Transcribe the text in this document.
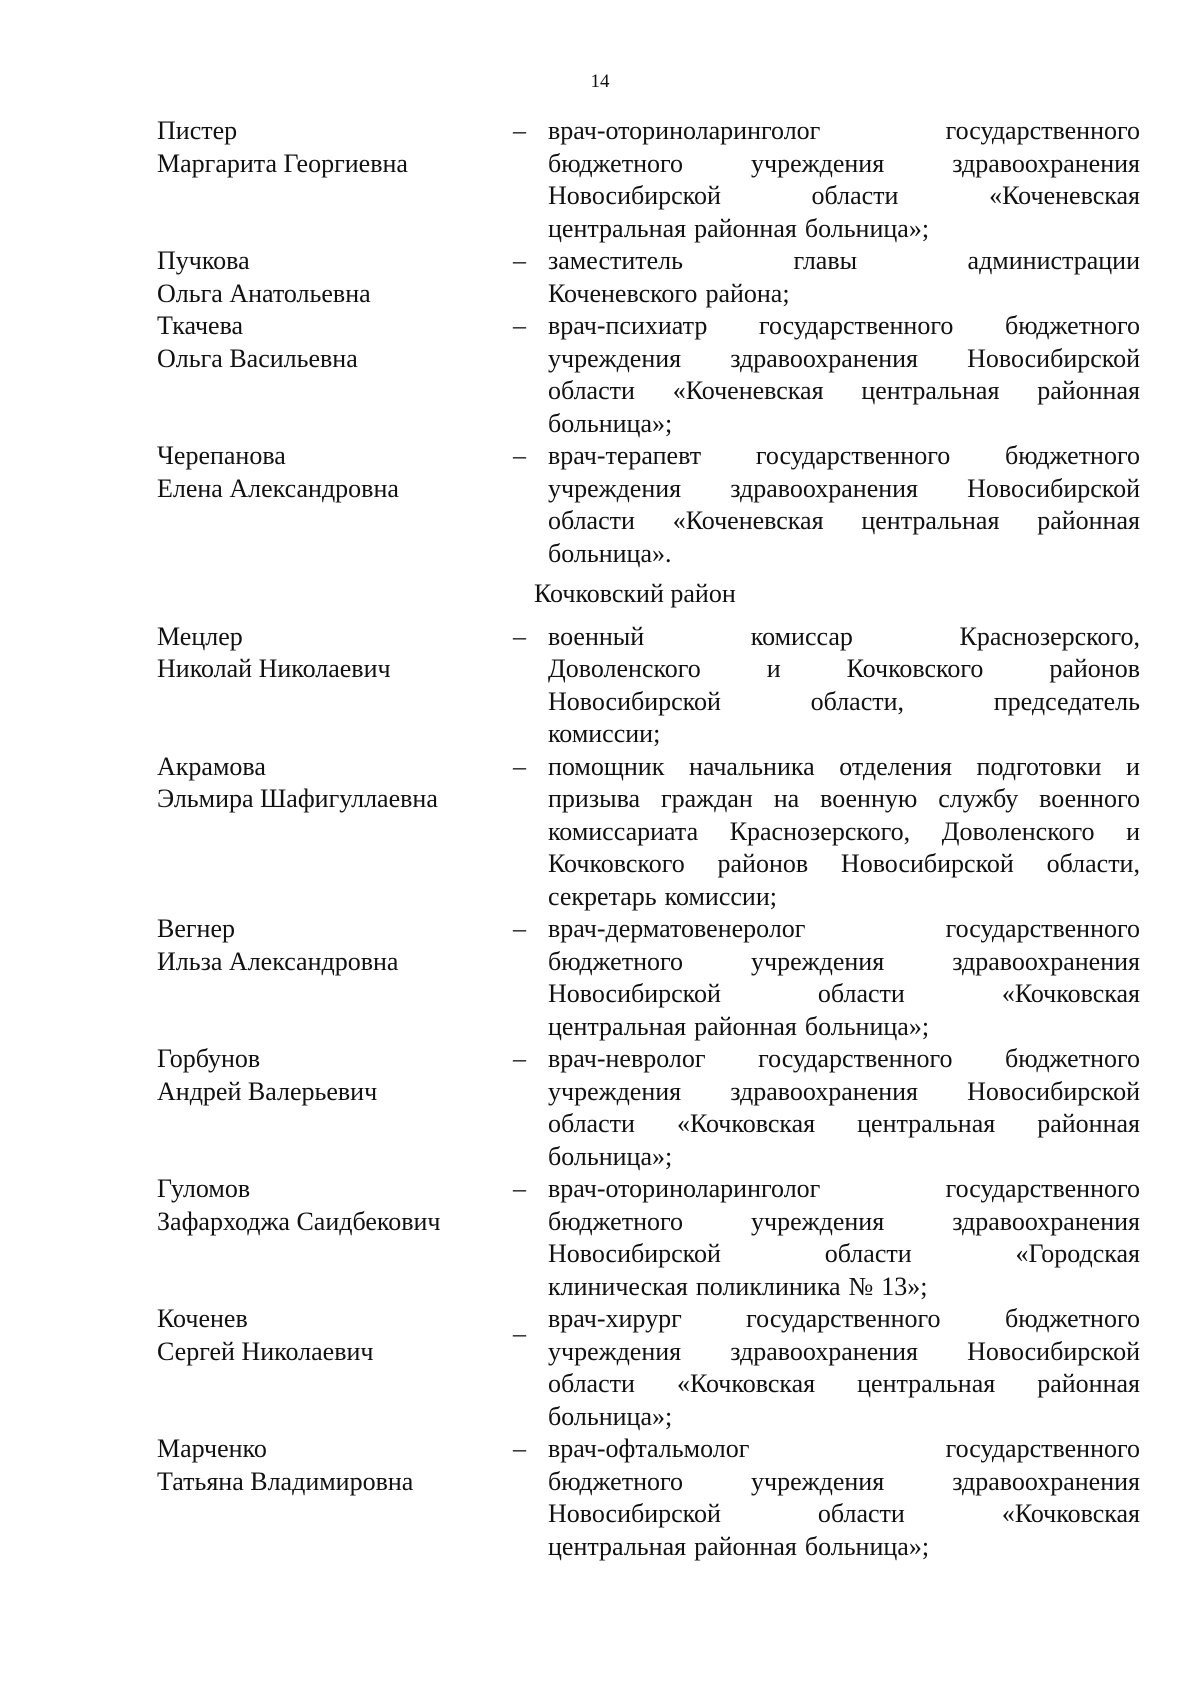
14
Пистер
Маргарита Георгиевна
– врач-оториноларинголог	государственного
бюджетного	учреждения	здравоохранения
Новосибирской	области	«Коченевская
центральная районная больница»;
Пучкова
Ольга Анатольевна
– заместитель	главы	администрации
Коченевского района;
Ткачева
Ольга Васильевна
– врач-психиатр государственного бюджетного
учреждения здравоохранения Новосибирской
области «Коченевская центральная районная
больница»;
Черепанова
Елена Александровна
– врач-терапевт государственного бюджетного
учреждения здравоохранения Новосибирской
области «Коченевская центральная районная
больница».
Кочковский район
Мецлер
Николай Николаевич
– военный	комиссар	Краснозерского,
Доволенского	и	Кочковского	районов
Новосибирской	области,	председатель
комиссии;
Акрамова
Эльмира Шафигуллаевна
– помощник начальника отделения подготовки и
призыва граждан на военную службу военного
комиссариата Краснозерского, Доволенского и
Кочковского районов Новосибирской области,
секретарь комиссии;
Вегнер
Ильза Александровна
– врач-дерматовенеролог	государственного
бюджетного	учреждения	здравоохранения
Новосибирской	области	«Кочковская
центральная районная больница»;
Горбунов
Андрей Валерьевич
– врач-невролог государственного бюджетного
учреждения здравоохранения Новосибирской
области «Кочковская центральная районная
больница»;
Гуломов
Зафарходжа Саидбекович
– врач-оториноларинголог	государственного
бюджетного	учреждения	здравоохранения
Новосибирской	области	«Городская
клиническая поликлиника № 13»;
Коченев
Сергей Николаевич
_ врач-хирург государственного бюджетного
учреждения здравоохранения Новосибирской
области «Кочковская центральная районная
больница»;
Марченко
Татьяна Владимировна
– врач-офтальмолог	государственного
бюджетного	учреждения	здравоохранения
Новосибирской	области	«Кочковская
центральная районная больница»;
